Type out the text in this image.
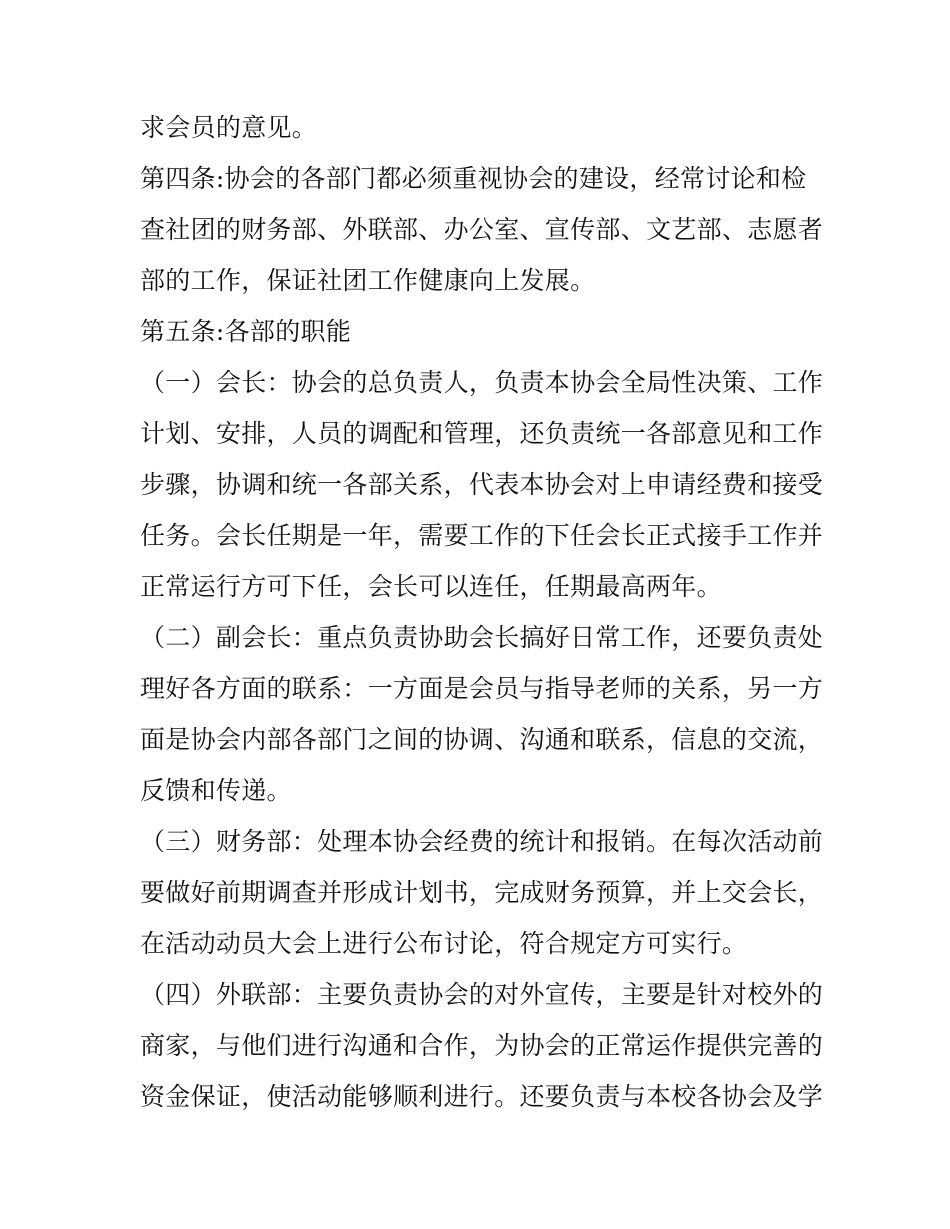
求会员的意见。

第四条:协会的各部门都必须重视协会的建设，经常讨论和检

查社团的财务部、外联部、办公室、宣传部、文艺部、志愿者

部的工作，保证社团工作健康向上发展。

第五条:各部的职能

（一）会长：协会的总负责人，负责本协会全局性决策、工作

计划、安排，人员的调配和管理，还负责统一各部意见和工作

步骤，协调和统一各部关系，代表本协会对上申请经费和接受

任务。会长任期是一年，需要工作的下任会长正式接手工作并

正常运行方可下任，会长可以连任，任期最高两年。

（二）副会长：重点负责协助会长搞好日常工作，还要负责处

理好各方面的联系：一方面是会员与指导老师的关系，另一方

面是协会内部各部门之间的协调、沟通和联系，信息的交流，

反馈和传递。

（三）财务部：处理本协会经费的统计和报销。在每次活动前

要做好前期调查并形成计划书，完成财务预算，并上交会长，

在活动动员大会上进行公布讨论，符合规定方可实行。

（四）外联部：主要负责协会的对外宣传，主要是针对校外的

商家，与他们进行沟通和合作，为协会的正常运作提供完善的

资金保证，使活动能够顺利进行。还要负责与本校各协会及学
